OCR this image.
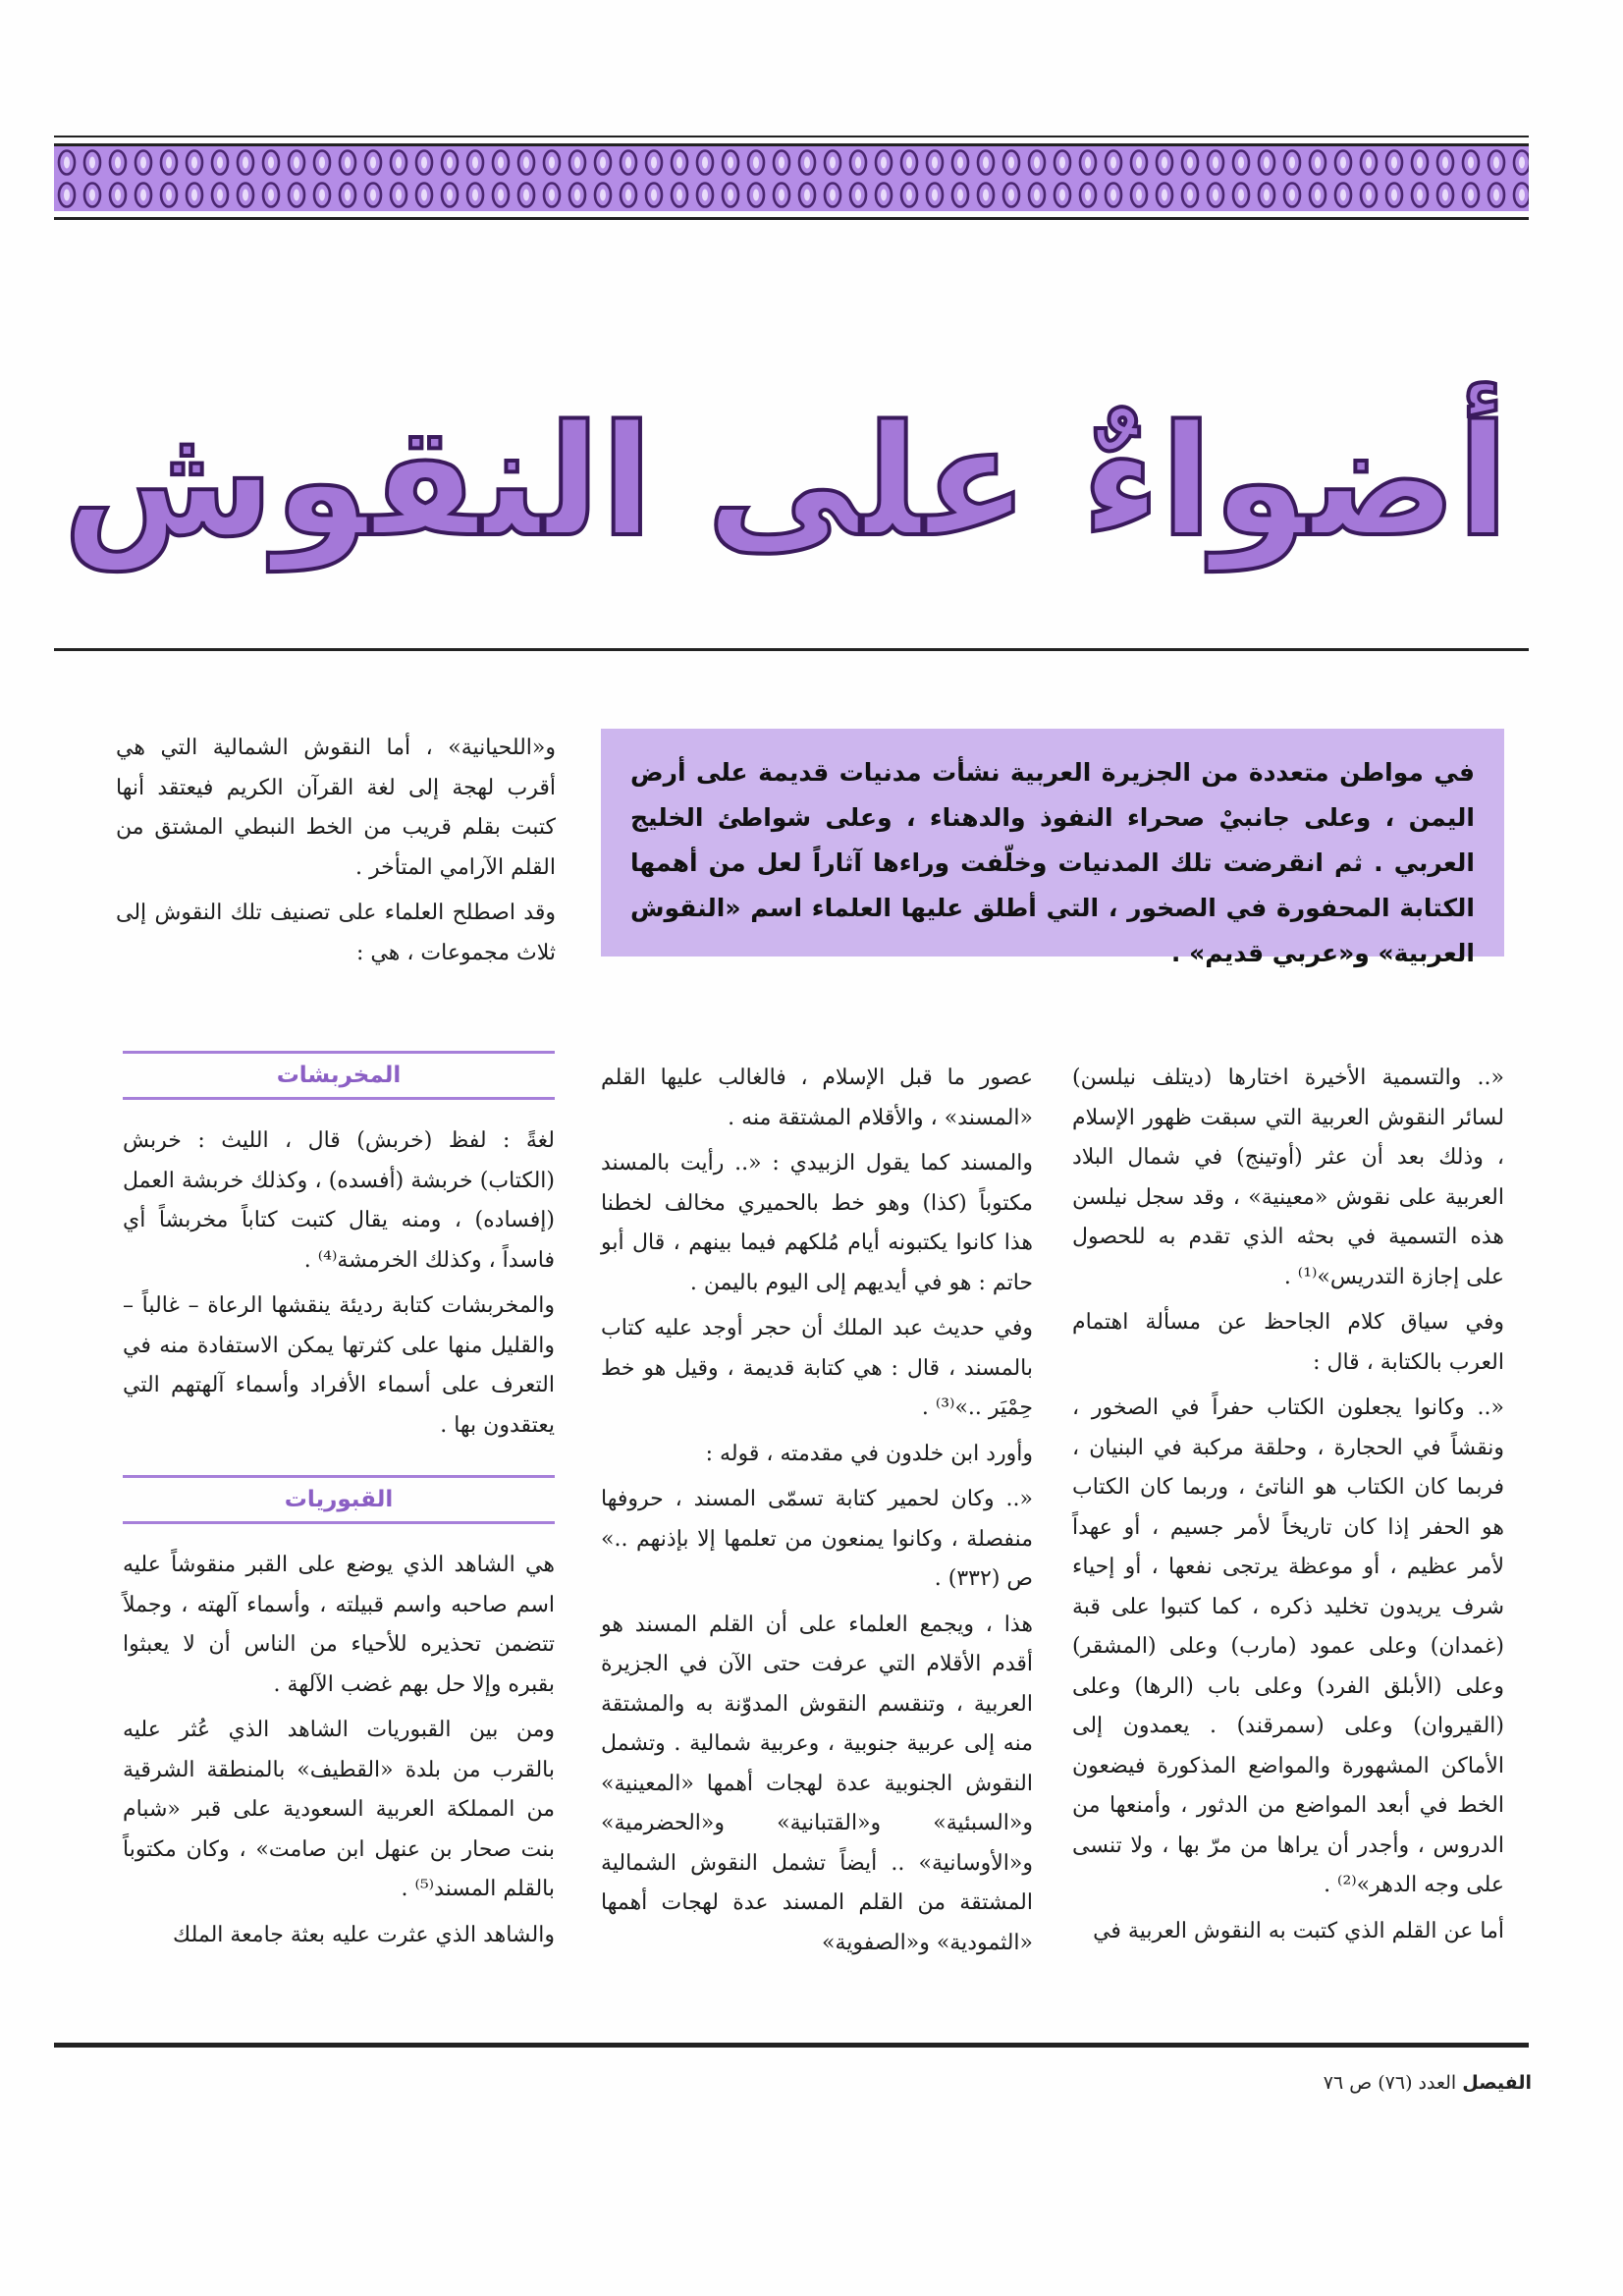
أضواءٌ على النقوش
في مواطن متعددة من الجزيرة العربية نشأت مدنيات قديمة على أرض اليمن ، وعلى جانبيْ صحراء النفوذ والدهناء ، وعلى شواطئ الخليج العربي . ثم انقرضت تلك المدنيات وخلّفت وراءها آثاراً لعل من أهمها الكتابة المحفورة في الصخور ، التي أطلق عليها العلماء اسم «النقوش العربية» و«عربي قديم» .

و«اللحيانية» ، أما النقوش الشمالية التي هي أقرب لهجة إلى لغة القرآن الكريم فيعتقد أنها كتبت بقلم قريب من الخط النبطي المشتق من القلم الآرامي المتأخر .

وقد اصطلح العلماء على تصنيف تلك النقوش إلى ثلاث مجموعات ، هي :

المخربشات

لغةً : لفظ (خربش) قال ، الليث : خربش (الكتاب) خربشة (أفسده) ، وكذلك خربشة العمل (إفساده) ، ومنه يقال كتبت كتاباً مخربشاً أي فاسداً ، وكذلك الخرمشة⁽⁴⁾ .

والمخربشات كتابة رديئة ينقشها الرعاة – غالباً – والقليل منها على كثرتها يمكن الاستفادة منه في التعرف على أسماء الأفراد وأسماء آلهتهم التي يعتقدون بها .

القبوريات

هي الشاهد الذي يوضع على القبر منقوشاً عليه اسم صاحبه واسم قبيلته ، وأسماء آلهته ، وجملاً تتضمن تحذيره للأحياء من الناس أن لا يعبثوا بقبره وإلا حل بهم غضب الآلهة .

ومن بين القبوريات الشاهد الذي عُثر عليه بالقرب من بلدة «القطيف» بالمنطقة الشرقية من المملكة العربية السعودية على قبر «شبام بنت صحار بن عنهل ابن صامت» ، وكان مكتوباً بالقلم المسند⁽⁵⁾ .

والشاهد الذي عثرت عليه بعثة جامعة الملك

عصور ما قبل الإسلام ، فالغالب عليها القلم «المسند» ، والأقلام المشتقة منه .

والمسند كما يقول الزبيدي : «.. رأيت بالمسند مكتوباً (كذا) وهو خط بالحميري مخالف لخطنا هذا كانوا يكتبونه أيام مُلكهم فيما بينهم ، قال أبو حاتم : هو في أيديهم إلى اليوم باليمن .

وفي حديث عبد الملك أن حجر أوجد عليه كتاب بالمسند ، قال : هي كتابة قديمة ، وقيل هو خط حِمْيَر ..»⁽³⁾ .

وأورد ابن خلدون في مقدمته ، قوله :

«.. وكان لحمير كتابة تسمّى المسند ، حروفها منفصلة ، وكانوا يمنعون من تعلمها إلا بإذنهم ..» ص (٣٣٢) .

هذا ، ويجمع العلماء على أن القلم المسند هو أقدم الأقلام التي عرفت حتى الآن في الجزيرة العربية ، وتنقسم النقوش المدوّنة به والمشتقة منه إلى عربية جنوبية ، وعربية شمالية . وتشمل النقوش الجنوبية عدة لهجات أهمها «المعينية» و«السبئية» و«القتبانية» و«الحضرمية» و«الأوسانية» .. أيضاً تشمل النقوش الشمالية المشتقة من القلم المسند عدة لهجات أهمها «الثمودية» و«الصفوية»

«.. والتسمية الأخيرة اختارها (ديتلف نيلسن) لسائر النقوش العربية التي سبقت ظهور الإسلام ، وذلك بعد أن عثر (أوتينج) في شمال البلاد العربية على نقوش «معينية» ، وقد سجل نيلسن هذه التسمية في بحثه الذي تقدم به للحصول على إجازة التدريس»⁽¹⁾ .

وفي سياق كلام الجاحظ عن مسألة اهتمام العرب بالكتابة ، قال :

«.. وكانوا يجعلون الكتاب حفراً في الصخور ، ونقشاً في الحجارة ، وحلقة مركبة في البنيان ، فربما كان الكتاب هو الناتئ ، وربما كان الكتاب هو الحفر إذا كان تاريخاً لأمر جسيم ، أو عهداً لأمر عظيم ، أو موعظة يرتجى نفعها ، أو إحياء شرف يريدون تخليد ذكره ، كما كتبوا على قبة (غمدان) وعلى عمود (مارب) وعلى (المشقر) وعلى (الأبلق الفرد) وعلى باب (الرها) وعلى (القيروان) وعلى (سمرقند) . يعمدون إلى الأماكن المشهورة والمواضع المذكورة فيضعون الخط في أبعد المواضع من الدثور ، وأمنعها من الدروس ، وأجدر أن يراها من مرّ بها ، ولا تنسى على وجه الدهر»⁽²⁾ .

أما عن القلم الذي كتبت به النقوش العربية في

الفيصل العدد (٧٦) ص ٧٦
